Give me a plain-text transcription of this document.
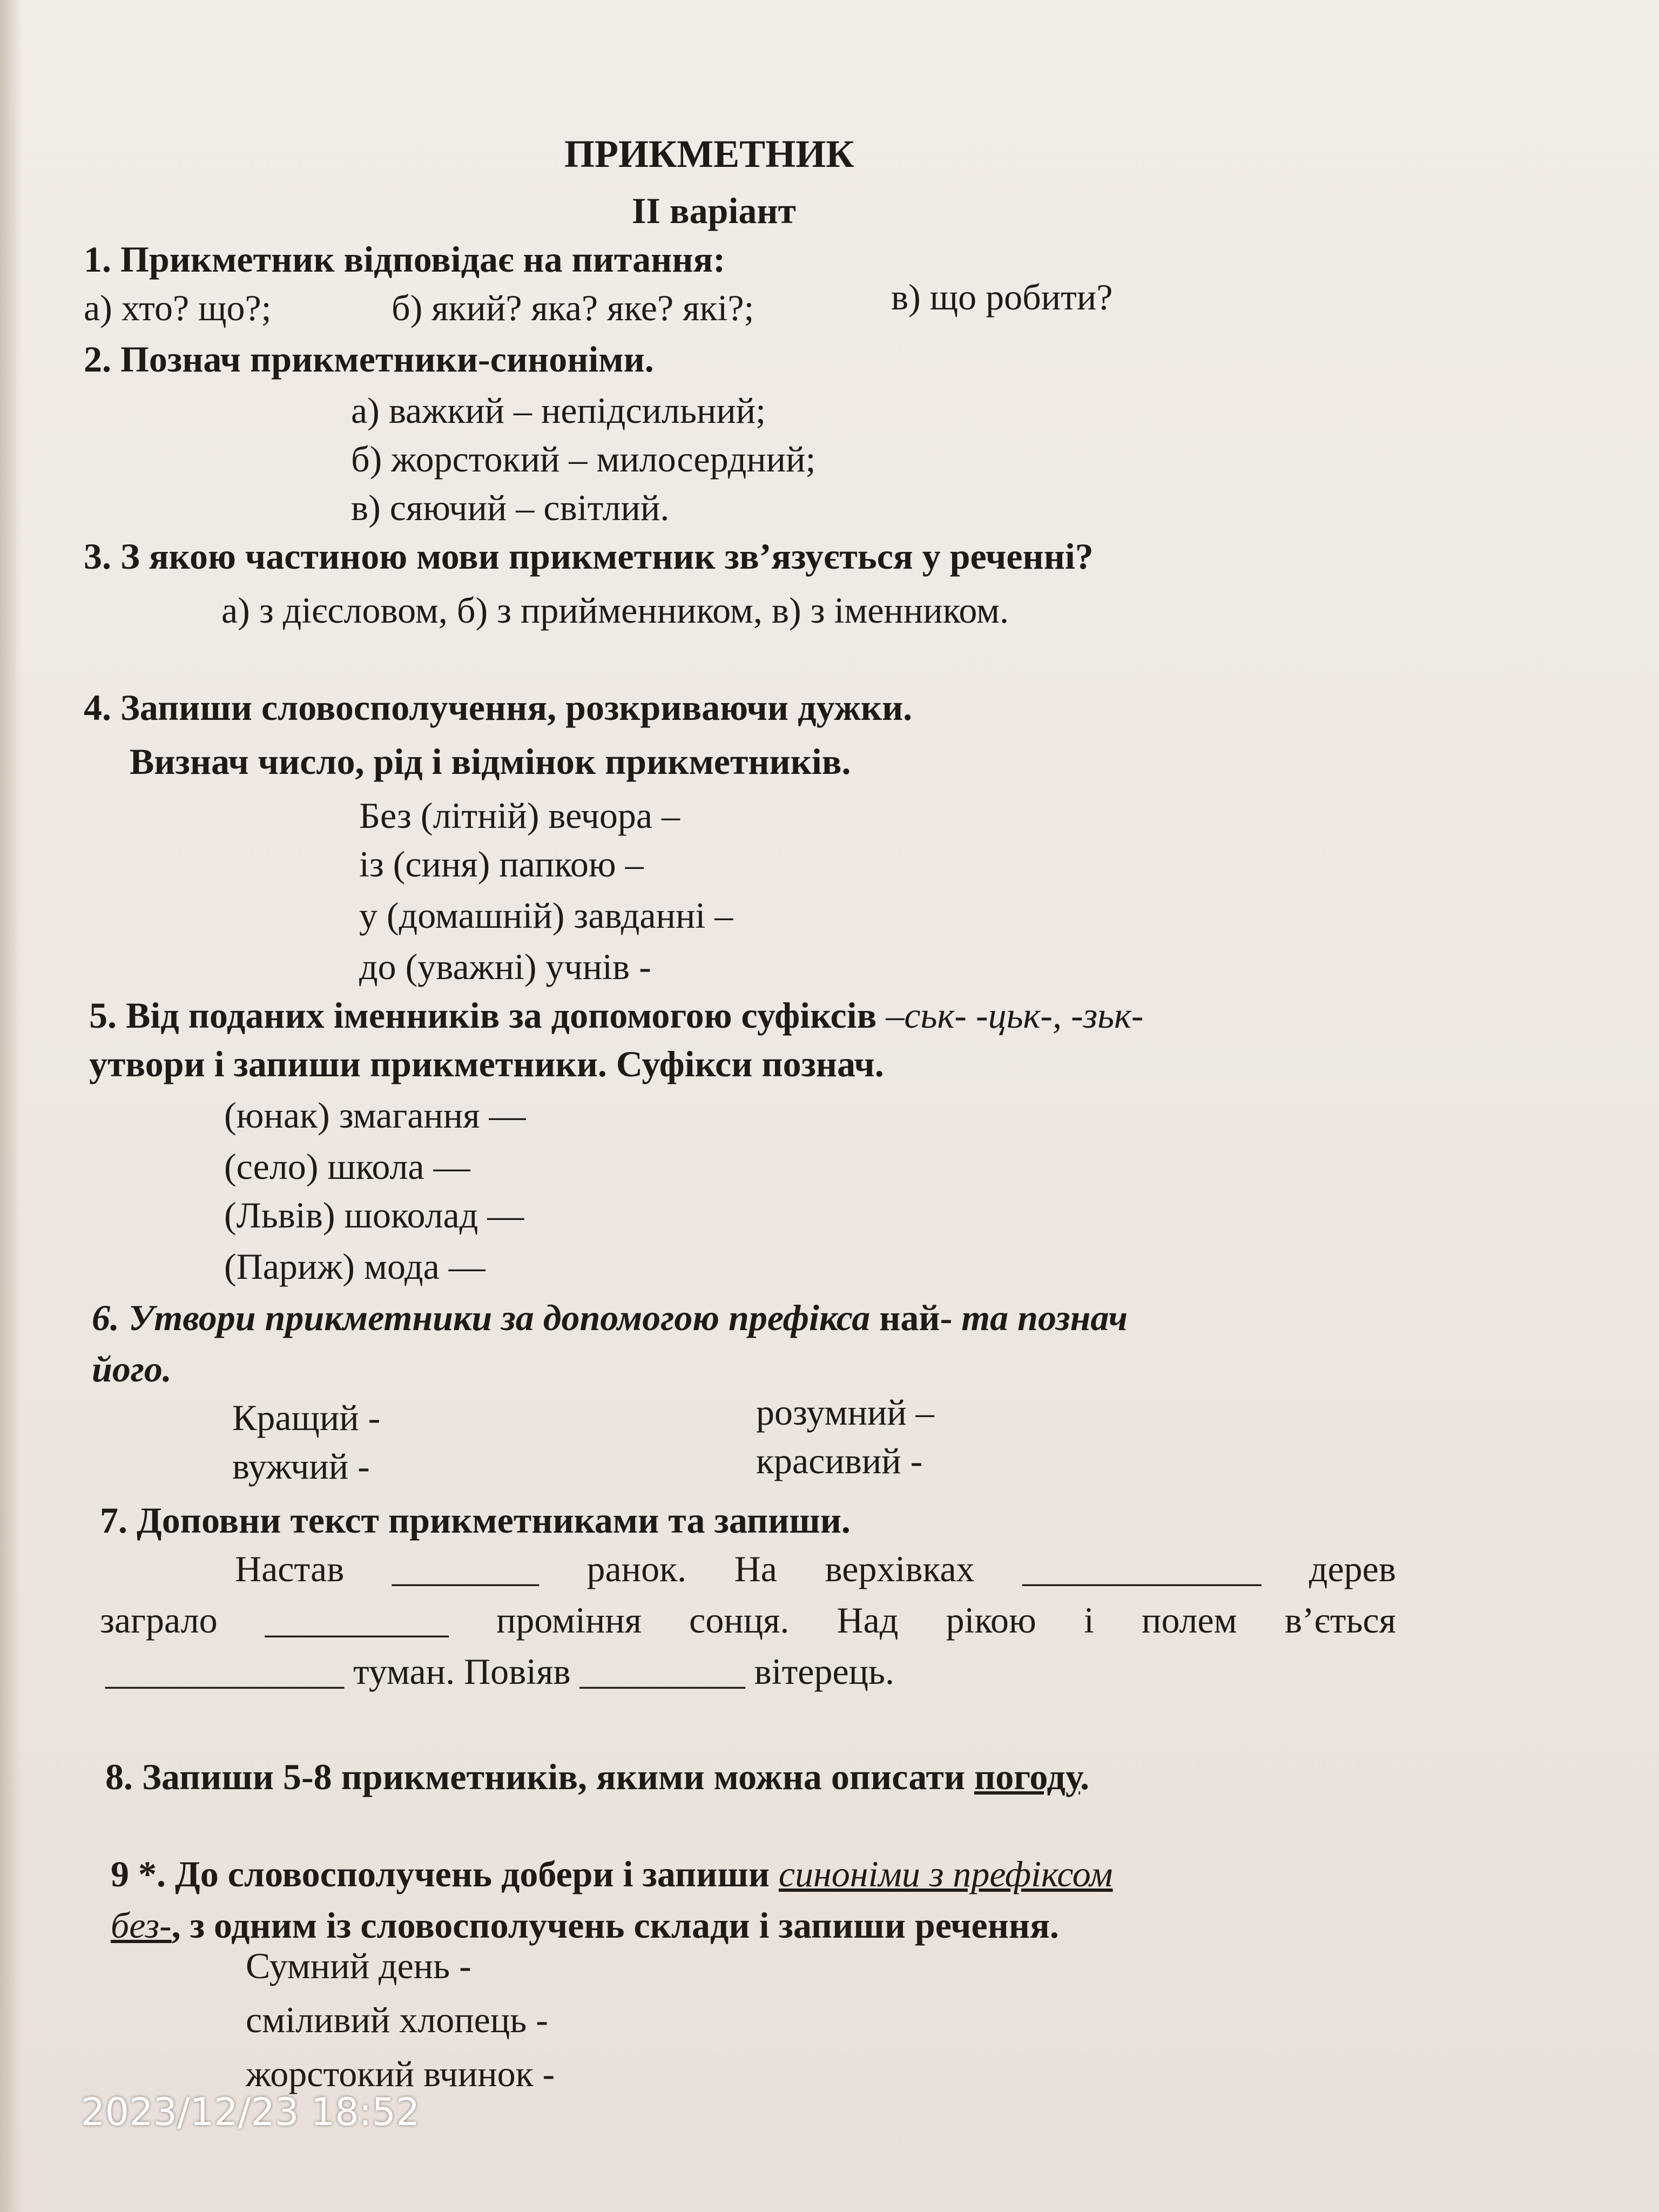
ПРИКМЕТНИК
ІІ варіант
1. Прикметник відповідає на питання:
а) хто? що?;	б) який? яка? яке? які?;	в) що робити?
2. Познач прикметники-синоніми.
а) важкий – непідсильний;
б) жорстокий – милосердний;
в) сяючий – світлий.
3. З якою частиною мови прикметник зв’язується у реченні?
а) з дієсловом, б) з прийменником, в) з іменником.
4. Запиши словосполучення, розкриваючи дужки.
Визнач число, рід і відмінок прикметників.
Без (літній) вечора –
із (синя) папкою –
у (домашній) завданні –
до (уважні) учнів -
5. Від поданих іменників за допомогою суфіксів –ськ- -цьк-, -зьк-
утвори і запиши прикметники. Суфікси познач.
(юнак) змагання —
(село) школа —
(Львів) шоколад —
(Париж) мода —
6. Утвори прикметники за допомогою префікса най- та познач
його.
Кращий -
вужчий -
розумний –
красивий -
7. Доповни текст прикметниками та запиши.
Настав ________ ранок. На верхівках _____________ дерев
заграло __________ проміння сонця. Над рікою і полем в’ється
_____________ туман. Повіяв _________ вітерець.
8. Запиши 5-8 прикметників, якими можна описати погоду.
9 *. До словосполучень добери і запиши синоніми з префіксом
без-, з одним із словосполучень склади і запиши речення.
Сумний день -
сміливий хлопець -
жорстокий вчинок -
2023/12/23 18:52
